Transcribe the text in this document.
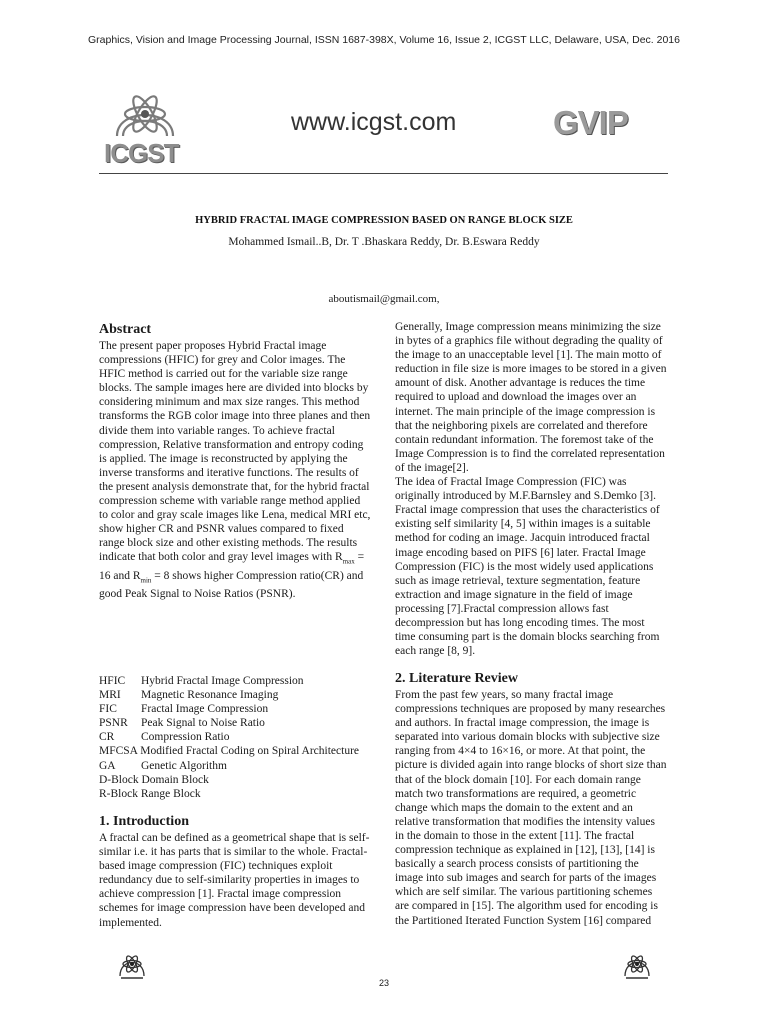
Graphics, Vision and Image Processing Journal, ISSN 1687-398X, Volume 16, Issue 2, ICGST LLC, Delaware, USA, Dec. 2016
ICGST
www.icgst.com	GVIP
HYBRID FRACTAL IMAGE COMPRESSION BASED ON RANGE BLOCK SIZE
Mohammed Ismail..B, Dr. T .Bhaskara Reddy, Dr. B.Eswara Reddy
aboutismail@gmail.com,
Abstract
The present paper proposes Hybrid Fractal image
compressions (HFIC) for grey and Color images. The
HFIC method is carried out for the variable size range
blocks. The sample images here are divided into blocks by
considering minimum and max size ranges. This method
transforms the RGB color image into three planes and then
divide them into variable ranges. To achieve fractal
compression, Relative transformation and entropy coding
is applied. The image is reconstructed by applying the
inverse transforms and iterative functions. The results of
the present analysis demonstrate that, for the hybrid fractal
compression scheme with variable range method applied
to color and gray scale images like Lena, medical MRI etc,
show higher CR and PSNR values compared to fixed
range block size and other existing methods. The results
indicate that both color and gray level images with $R_{max}$ =
16 and $R_{min} = 8$ shows higher Compression ratio(CR) and
good Peak Signal to Noise Ratios (PSNR).
HFIC	Hybrid Fractal Image Compression
MRI	Magnetic Resonance Imaging
FIC	Fractal Image Compression
PSNR	Peak Signal to Noise Ratio
CR	Compression Ratio
MFCSA Modified Fractal Coding on Spiral Architecture
GA	Genetic Algorithm
D-Block Domain Block
R-Block Range Block
1. Introduction
A fractal can be defined as a geometrical shape that is self-
similar i.e. it has parts that is similar to the whole. Fractal-
based image compression (FIC) techniques exploit
redundancy due to self-similarity properties in images to
achieve compression [1]. Fractal image compression
schemes for image compression have been developed and
implemented.
Generally, Image compression means minimizing the size
in bytes of a graphics file without degrading the quality of
the image to an unacceptable level [1]. The main motto of
reduction in file size is more images to be stored in a given
amount of disk. Another advantage is reduces the time
required to upload and download the images over an
internet. The main principle of the image compression is
that the neighboring pixels are correlated and therefore
contain redundant information. The foremost take of the
Image Compression is to find the correlated representation
of the image[2].
The idea of Fractal Image Compression (FIC) was
originally introduced by M.F.Barnsley and S.Demko [3].
Fractal image compression that uses the characteristics of
existing self similarity [4, 5] within images is a suitable
method for coding an image. Jacquin introduced fractal
image encoding based on PIFS [6] later. Fractal Image
Compression (FIC) is the most widely used applications
such as image retrieval, texture segmentation, feature
extraction and image signature in the field of image
processing [7].Fractal compression allows fast
decompression but has long encoding times. The most
time consuming part is the domain blocks searching from
each range [8, 9].
2. Literature Review
From the past few years, so many fractal image
compressions techniques are proposed by many researches
and authors. In fractal image compression, the image is
separated into various domain blocks with subjective size
ranging from 4×4 to 16×16, or more. At that point, the
picture is divided again into range blocks of short size than
that of the block domain [10]. For each domain range
match two transformations are required, a geometric
change which maps the domain to the extent and an
relative transformation that modifies the intensity values
in the domain to those in the extent [11]. The fractal
compression technique as explained in [12], [13], [14] is
basically a search process consists of partitioning the
image into sub images and search for parts of the images
which are self similar. The various partitioning schemes
are compared in [15]. The algorithm used for encoding is
the Partitioned Iterated Function System [16] compared
23
